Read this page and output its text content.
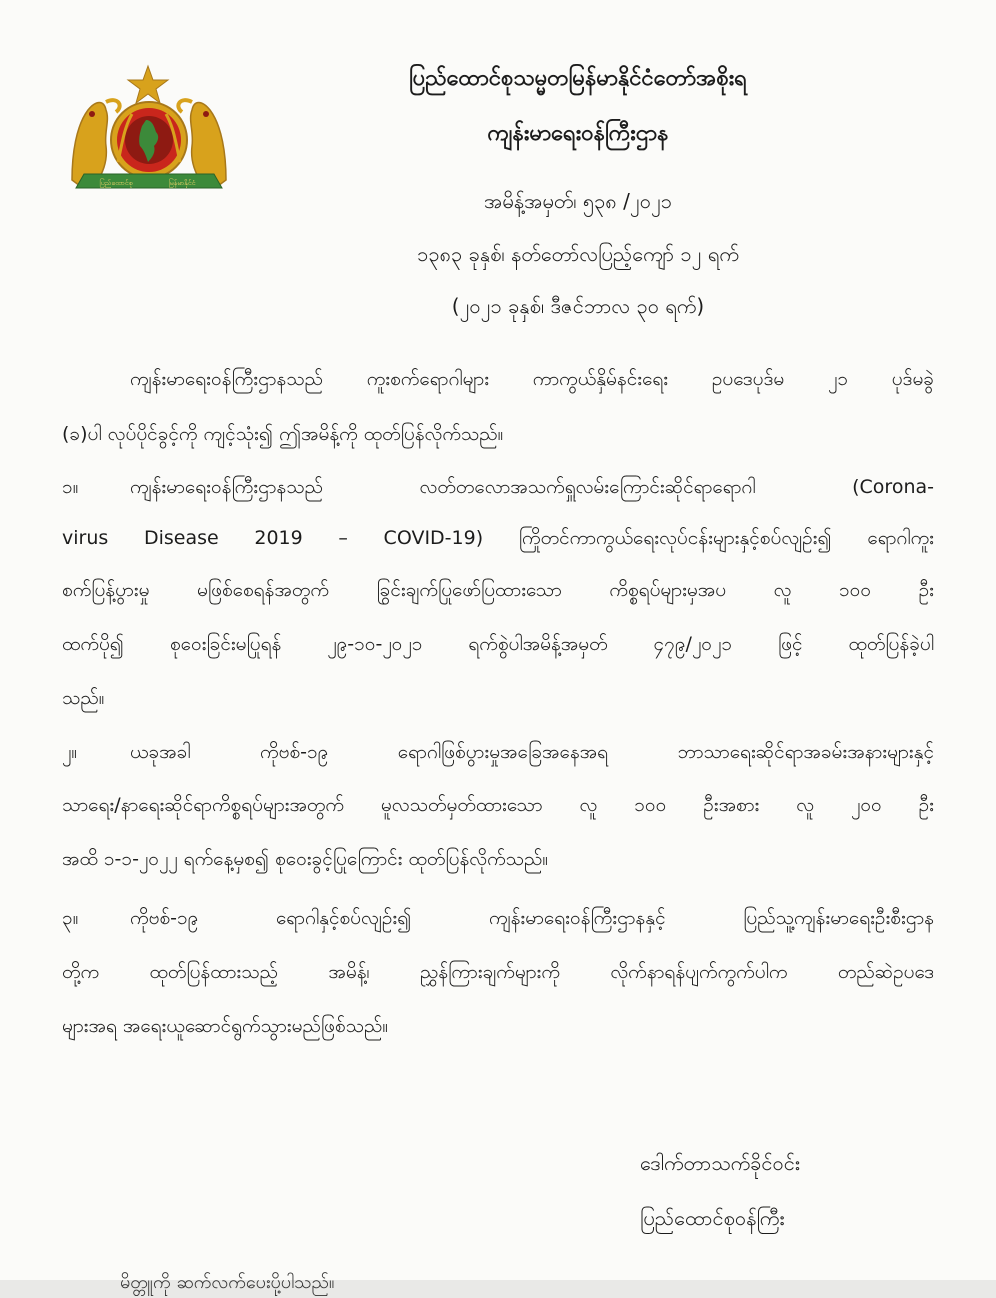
ပြည်ထောင်စု	မြန်မာနိုင်ငံ

ပြည်ထောင်စုသမ္မတမြန်မာနိုင်ငံတော်အစိုးရ

ကျန်းမာရေးဝန်ကြီးဌာန

အမိန့်အမှတ်၊ ၅၃၈ /၂၀၂၁

၁၃၈၃ ခုနှစ်၊ နတ်တော်လပြည့်ကျော် ၁၂ ရက်

(၂၀၂၁ ခုနှစ်၊ ဒီဇင်ဘာလ ၃၀ ရက်)

ကျန်းမာရေးဝန်ကြီးဌာနသည် ကူးစက်ရောဂါများ ကာကွယ်နှိမ်နင်းရေး ဥပဒေပုဒ်မ ၂၁ ပုဒ်မခွဲ

(ခ)ပါ လုပ်ပိုင်ခွင့်ကို ကျင့်သုံး၍ ဤအမိန့်ကို ထုတ်ပြန်လိုက်သည်။

၁။	ကျန်းမာရေးဝန်ကြီးဌာနသည် လတ်တလောအသက်ရှူလမ်းကြောင်းဆိုင်ရာရောဂါ (Corona-

virus Disease 2019 – COVID-19) ကြိုတင်ကာကွယ်ရေးလုပ်ငန်းများနှင့်စပ်လျဉ်း၍ ရောဂါကူး

စက်ပြန့်ပွားမှု မဖြစ်စေရန်အတွက် ခြွင်းချက်ပြုဖော်ပြထားသော ကိစ္စရပ်များမှအပ လူ ၁၀၀ ဦး

ထက်ပို၍ စုဝေးခြင်းမပြုရန် ၂၉-၁၀-၂၀၂၁ ရက်စွဲပါအမိန့်အမှတ် ၄၇၉/၂၀၂၁ ဖြင့် ထုတ်ပြန်ခဲ့ပါ

သည်။

၂။	ယခုအခါ ကိုဗစ်-၁၉ ရောဂါဖြစ်ပွားမှုအခြေအနေအရ ဘာသာရေးဆိုင်ရာအခမ်းအနားများနှင့်

သာရေး/နာရေးဆိုင်ရာကိစ္စရပ်များအတွက် မူလသတ်မှတ်ထားသော လူ ၁၀၀ ဦးအစား လူ ၂၀၀ ဦး

အထိ ၁-၁-၂၀၂၂ ရက်နေ့မှစ၍ စုဝေးခွင့်ပြုကြောင်း ထုတ်ပြန်လိုက်သည်။

၃။	ကိုဗစ်-၁၉ ရောဂါနှင့်စပ်လျဉ်း၍ ကျန်းမာရေးဝန်ကြီးဌာနနှင့် ပြည်သူ့ကျန်းမာရေးဦးစီးဌာန

တို့က ထုတ်ပြန်ထားသည့် အမိန့်၊ ညွှန်ကြားချက်များကို လိုက်နာရန်ပျက်ကွက်ပါက တည်ဆဲဥပဒေ

များအရ အရေးယူဆောင်ရွက်သွားမည်ဖြစ်သည်။

ဒေါက်တာသက်ခိုင်ဝင်း

ပြည်ထောင်စုဝန်ကြီး

မိတ္တူကို ဆက်လက်ပေးပို့ပါသည်။
